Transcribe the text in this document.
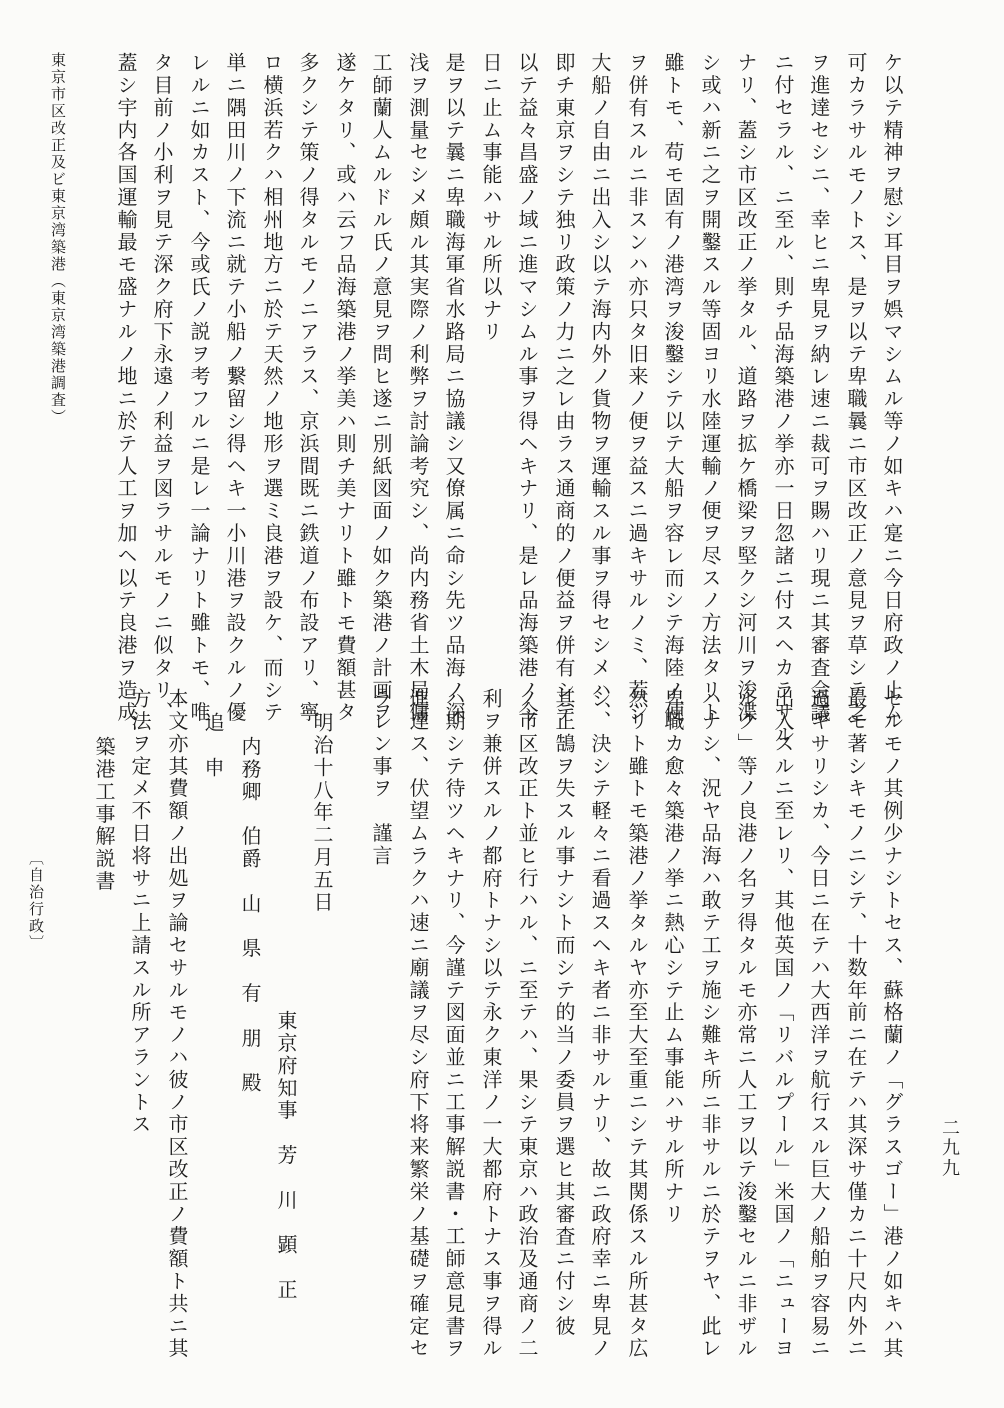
ケ以テ精神ヲ慰シ耳目ヲ娯マシムル等ノ如キハ寔ニ今日府政ノ止ム
可カラサルモノトス、是ヲ以テ卑職曩ニ市区改正ノ意見ヲ草シテ之
ヲ進達セシニ、幸ヒニ卑見ヲ納レ速ニ裁可ヲ賜ハリ現ニ其審査会議
ニ付セラル、ニ至ル、則チ品海築港ノ挙亦一日忽諸ニ付スヘカラサル
ナリ、蓋シ市区改正ノ挙タル、道路ヲ拡ケ橋梁ヲ堅クシ河川ヲ浚渫
シ或ハ新ニ之ヲ開鑿スル等固ヨリ水陸運輸ノ便ヲ尽スノ方法タリト
雖トモ、苟モ固有ノ港湾ヲ浚鑿シテ以テ大船ヲ容レ而シテ海陸ノ便
ヲ併有スルニ非スンハ亦只タ旧来ノ便ヲ益スニ過キサルノミ、若シ
大船ノ自由ニ出入シ以テ海内外ノ貨物ヲ運輸スル事ヲ得セシメハ、
即チ東京ヲシテ独リ政策ノ力ニ之レ由ラス通商的ノ便益ヲ併有シテ
以テ益々昌盛ノ域ニ進マシムル事ヲ得ヘキナリ、是レ品海築港ノ今
日ニ止ム事能ハサル所以ナリ
是ヲ以テ曩ニ卑職海軍省水路局ニ協議シ又僚属ニ命シ先ツ品海ノ深
浅ヲ測量セシメ頗ル其実際ノ利弊ヲ討論考究シ、尚内務省土木局傭
工師蘭人ムルドル氏ノ意見ヲ問ヒ遂ニ別紙図面ノ如ク築港ノ計画ヲ
遂ケタリ、或ハ云フ品海築港ノ挙美ハ則チ美ナリト雖トモ費額甚タ
多クシテ策ノ得タルモノニアラス、京浜間既ニ鉄道ノ布設アリ、寧
ロ横浜若クハ相州地方ニ於テ天然ノ地形ヲ選ミ良港ヲ設ケ、而シテ
単ニ隅田川ノ下流ニ就テ小船ノ繋留シ得ヘキ一小川港ヲ設クルノ優
レルニ如カスト、今或氏ノ説ヲ考フルニ是レ一論ナリト雖トモ、唯
タ目前ノ小利ヲ見テ深ク府下永遠ノ利益ヲ図ラサルモノニ似タリ、
蓋シ宇内各国運輸最モ盛ナルノ地ニ於テ人工ヲ加ヘ以テ良港ヲ造成
東京市区改正及ビ東京湾築港（東京湾築港調査）
〔自治行政〕	セルモノ其例少ナシトセス、蘇格蘭ノ「グラスゴー」港ノ如キハ其
最モ著シキモノニシテ、十数年前ニ在テハ其深サ僅カニ十尺内外ニ
過ギサリシカ、今日ニ在テハ大西洋ヲ航行スル巨大ノ船舶ヲ容易ニ
出入スルニ至レリ、其他英国ノ「リバルプール」米国ノ「ニューヨ
ルク」等ノ良港ノ名ヲ得タルモ亦常ニ人工ヲ以テ浚鑿セルニ非ザル
ハナシ、況ヤ品海ハ敢テ工ヲ施シ難キ所ニ非サルニ於テヲヤ、此レ
卑職カ愈々築港ノ挙ニ熱心シテ止ム事能ハサル所ナリ
然リト雖トモ築港ノ挙タルヤ亦至大至重ニシテ其関係スル所甚タ広
シ、決シテ軽々ニ看過スヘキ者ニ非サルナリ、故ニ政府幸ニ卑見ノ
其正鵠ヲ失スル事ナシト而シテ的当ノ委員ヲ選ヒ其審査ニ付シ彼
ノ市区改正ト並ヒ行ハル、ニ至テハ、果シテ東京ハ政治及通商ノ二
利ヲ兼併スルノ都府トナシ以テ永ク東洋ノ一大都府トナス事ヲ得ル
ハ期シテ待ツヘキナリ、今謹テ図面並ニ工事解説書・工師意見書ヲ
進達ス、伏望ムラクハ速ニ廟議ヲ尽シ府下将来繁栄ノ基礎ヲ確定セ
ラレン事ヲ　謹言
明治十八年二月五日
東京府知事　芳　川　顕　正
内務卿　伯爵　山　県　有　朋　殿
追　申
本文亦其費額ノ出処ヲ論セサルモノハ彼ノ市区改正ノ費額ト共ニ其
方法ヲ定メ不日将サニ上請スル所アラントス
築港工事解説書
二九九
